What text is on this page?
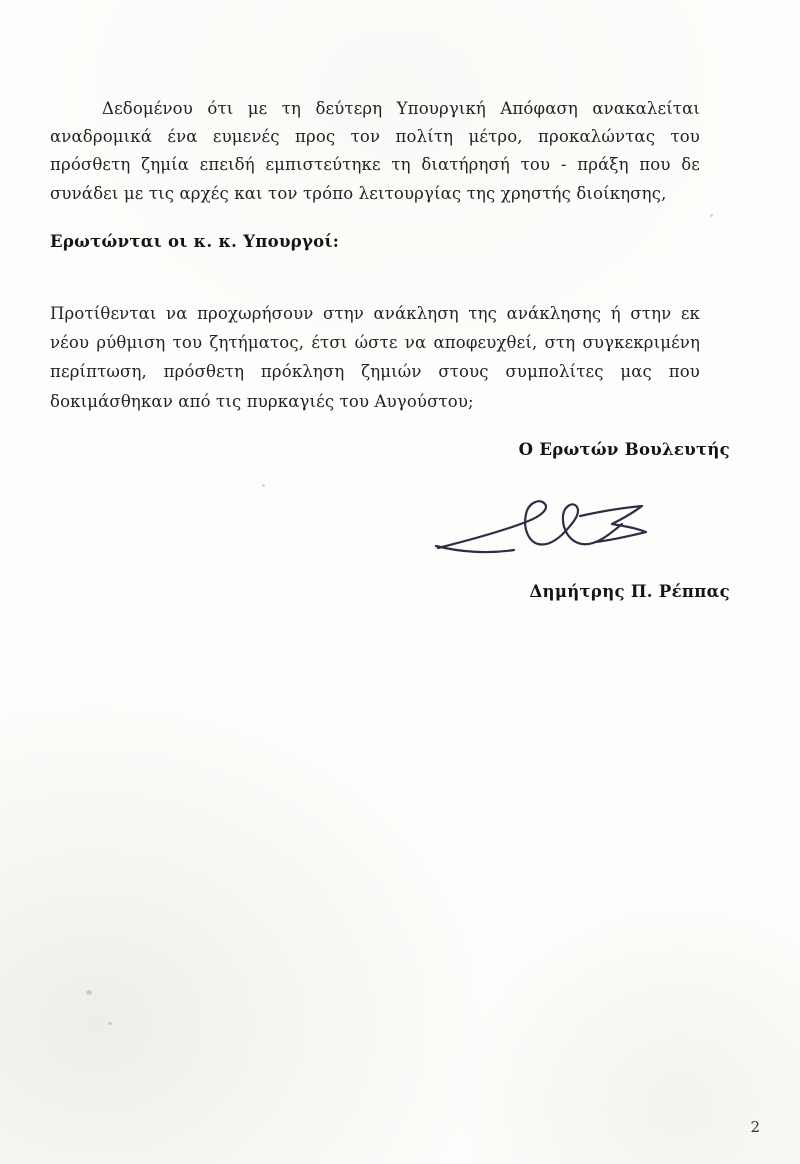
Δεδομένου ότι με τη δεύτερη Υπουργική Απόφαση ανακαλείται αναδρομικά ένα ευμενές προς τον πολίτη μέτρο, προκαλώντας του πρόσθετη ζημία επειδή εμπιστεύτηκε τη διατήρησή του - πράξη που δε συνάδει με τις αρχές και τον τρόπο λειτουργίας της χρηστής διοίκησης,

Ερωτώνται οι κ. κ. Υπουργοί:

Προτίθενται να προχωρήσουν στην ανάκληση της ανάκλησης ή στην εκ νέου ρύθμιση του ζητήματος, έτσι ώστε να αποφευχθεί, στη συγκεκριμένη περίπτωση, πρόσθετη πρόκληση ζημιών στους συμπολίτες μας που δοκιμάσθηκαν από τις πυρκαγιές του Αυγούστου;

Ο Ερωτών Βουλευτής
Δημήτρης Π. Ρέππας
2
